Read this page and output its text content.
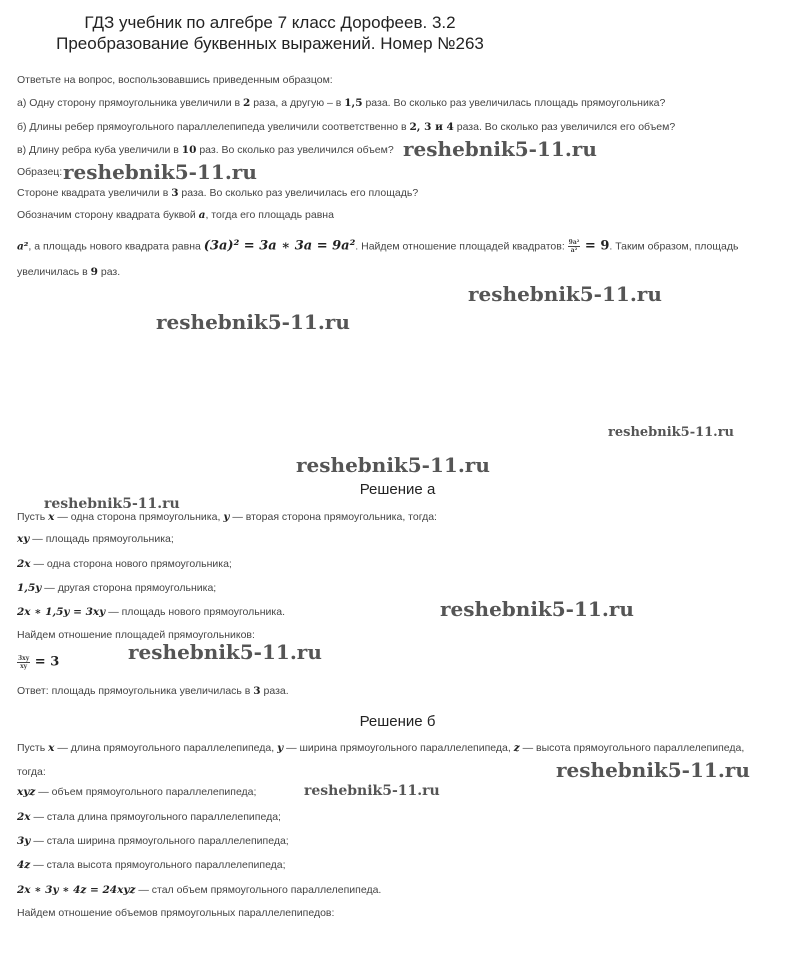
ГДЗ учебник по алгебре 7 класс Дорофеев. 3.2
Преобразование буквенных выражений. Номер №263
Ответьте на вопрос, воспользовавшись приведенным образцом:
а) Одну сторону прямоугольника увеличили в 2 раза, а другую – в 1,5 раза. Во сколько раз увеличилась площадь прямоугольника?
б) Длины ребер прямоугольного параллелепипеда увеличили соответственно в 2, 3 и 4 раза. Во сколько раз увеличился его объем?
в) Длину ребра куба увеличили в 10 раз. Во сколько раз увеличился объем?
Образец:
Стороне квадрата увеличили в 3 раза. Во сколько раз увеличилась его площадь?
Обозначим сторону квадрата буквой a, тогда его площадь равна
a², а площадь нового квадрата равна (3a)² = 3a ∗ 3a = 9a². Найдем отношение площадей квадратов: $\frac{\text{9a²}}{\text{a²}} = 9$. Таким образом, площадь
увеличилась в 9 раз.
Решение а
Пусть x — одна сторона прямоугольника, y — вторая сторона прямоугольника, тогда:
xy — площадь прямоугольника;
2x — одна сторона нового прямоугольника;
1,5y — другая сторона прямоугольника;
2x ∗ 1,5y = 3xy — площадь нового прямоугольника.
Найдем отношение площадей прямоугольников:
$\frac{3xy}{xy} = 3$
Ответ: площадь прямоугольника увеличилась в 3 раза.
Решение б
Пусть x — длина прямоугольного параллелепипеда, y — ширина прямоугольного параллелепипеда, z — высота прямоугольного параллелепипеда,
тогда:
xyz — объем прямоугольного параллелепипеда;
2x — стала длина прямоугольного параллелепипеда;
3y — стала ширина прямоугольного параллелепипеда;
4z — стала высота прямоугольного параллелепипеда;
2x ∗ 3y ∗ 4z = 24xyz — стал объем прямоугольного параллелепипеда.
Найдем отношение объемов прямоугольных параллелепипедов:
reshebnik5-11.ru
reshebnik5-11.ru
reshebnik5-11.ru
reshebnik5-11.ru
reshebnik5-11.ru
reshebnik5-11.ru
reshebnik5-11.ru
reshebnik5-11.ru
reshebnik5-11.ru
reshebnik5-11.ru
reshebnik5-11.ru
